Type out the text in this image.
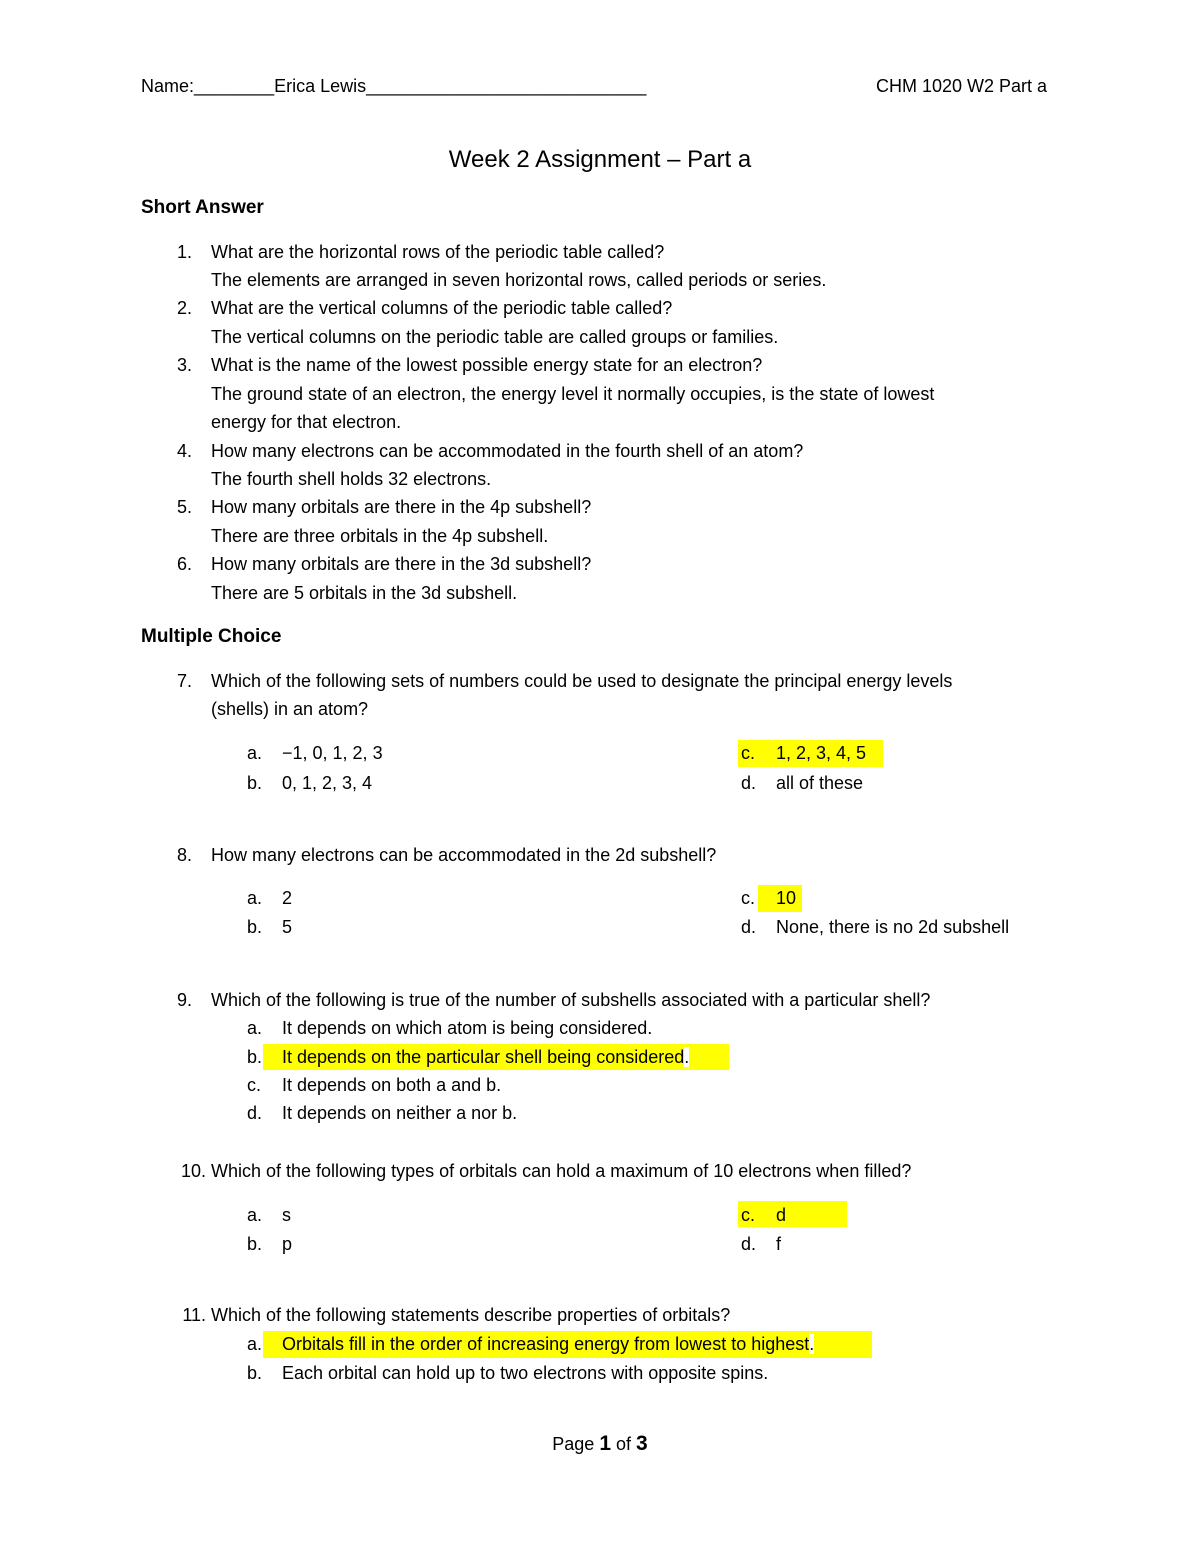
Name:________Erica Lewis____________________________	CHM 1020 W2 Part a
Week 2 Assignment – Part a
Short Answer
1. What are the horizontal rows of the periodic table called?
The elements are arranged in seven horizontal rows, called periods or series.
2. What are the vertical columns of the periodic table called?
The vertical columns on the periodic table are called groups or families.
3. What is the name of the lowest possible energy state for an electron?
The ground state of an electron, the energy level it normally occupies, is the state of lowest
energy for that electron.
4. How many electrons can be accommodated in the fourth shell of an atom?
The fourth shell holds 32 electrons.
5. How many orbitals are there in the 4p subshell?
There are three orbitals in the 4p subshell.
6. How many orbitals are there in the 3d subshell?
There are 5 orbitals in the 3d subshell.
Multiple Choice
7. Which of the following sets of numbers could be used to designate the principal energy levels
(shells) in an atom?
a. −1, 0, 1, 2, 3
b. 0, 1, 2, 3, 4
c. 1, 2, 3, 4, 5
d. all of these
8. How many electrons can be accommodated in the 2d subshell?
a. 2
b. 5
c. 10
d. None, there is no 2d subshell
9. Which of the following is true of the number of subshells associated with a particular shell?
a. It depends on which atom is being considered.
b. It depends on the particular shell being considered.
c. It depends on both a and b.
d. It depends on neither a nor b.
10. Which of the following types of orbitals can hold a maximum of 10 electrons when filled?
a. s
b. p
c. d
d. f
11. Which of the following statements describe properties of orbitals?
a. Orbitals fill in the order of increasing energy from lowest to highest.
b. Each orbital can hold up to two electrons with opposite spins.
Page 1 of 3
